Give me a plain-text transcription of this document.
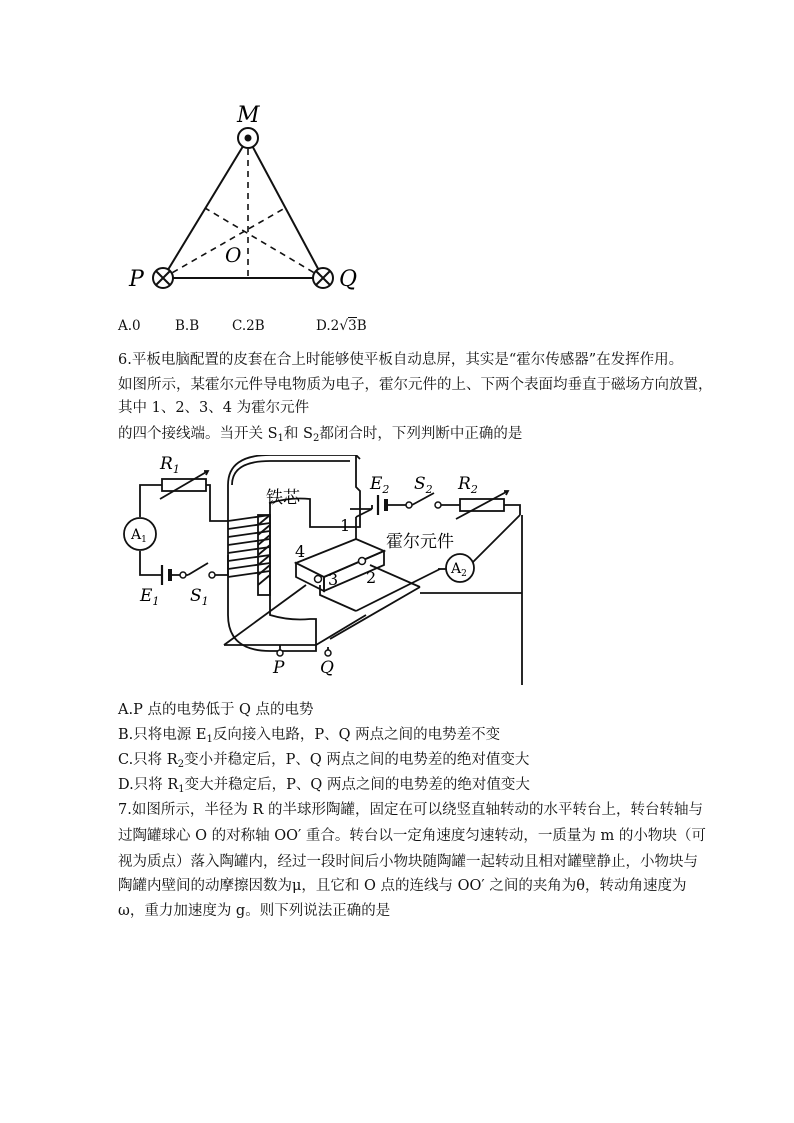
M
O
P	Q
A.0	B.B C.2B	D.2√3B
6.平板电脑配置的皮套在合上时能够使平板自动息屏，其实是“霍尔传感器”在发挥作用。
如图所示，某霍尔元件导电物质为电子，霍尔元件的上、下两个表面均垂直于磁场方向放置，
其中 1、2、3、4 为霍尔元件
的四个接线端。当开关 $S_1$和 $S_2$都闭合时，下列判断中正确的是
$R_1$
铁芯
$E_2$ $S_2$ $R_2$
$A_1$
$A_2$
霍尔元件
1
2
3
4
$E_1$ $S_1$
P Q
A.P 点的电势低于 Q 点的电势
B.只将电源 $E_1$反向接入电路，P、Q 两点之间的电势差不变
C.只将 $R_2$变小并稳定后，P、Q 两点之间的电势差的绝对值变大
D.只将 $R_1$变大并稳定后，P、Q 两点之间的电势差的绝对值变大
7.如图所示，半径为 R 的半球形陶罐，固定在可以绕竖直轴转动的水平转台上，转台转轴与
过陶罐球心 O 的对称轴 OO′ 重合。转台以一定角速度匀速转动，一质量为 m 的小物块（可
视为质点）落入陶罐内，经过一段时间后小物块随陶罐一起转动且相对罐壁静止，小物块与
陶罐内壁间的动摩擦因数为μ，且它和 O 点的连线与 OO′ 之间的夹角为θ，转动角速度为
ω，重力加速度为 g。则下列说法正确的是
